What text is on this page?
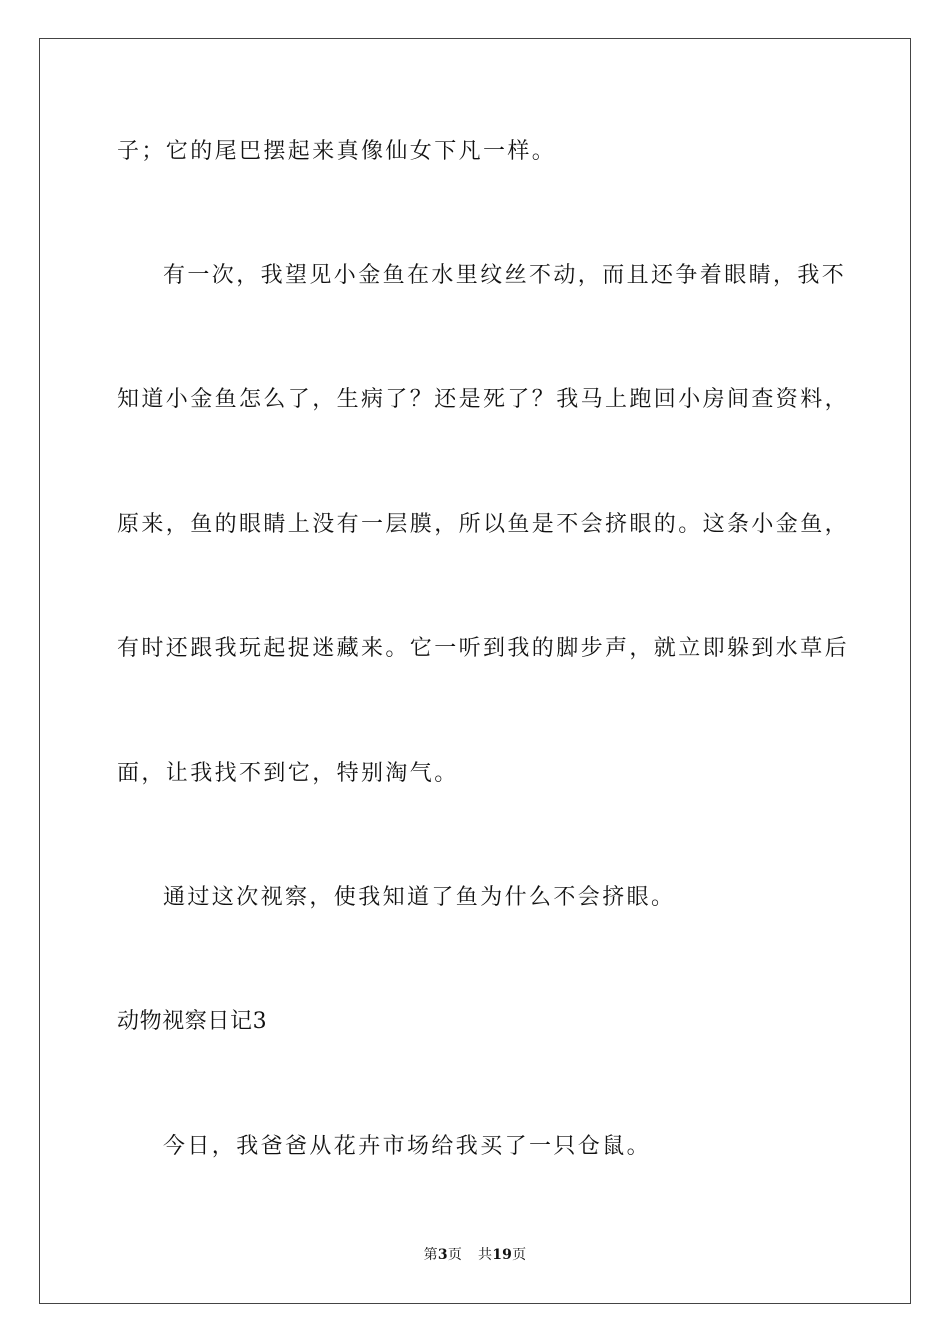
子；它的尾巴摆起来真像仙女下凡一样。

有一次，我望见小金鱼在水里纹丝不动，而且还争着眼睛，我不

知道小金鱼怎么了，生病了？还是死了？我马上跑回小房间查资料，

原来，鱼的眼睛上没有一层膜，所以鱼是不会挤眼的。这条小金鱼，

有时还跟我玩起捉迷藏来。它一听到我的脚步声，就立即躲到水草后

面，让我找不到它，特别淘气。

通过这次视察，使我知道了鱼为什么不会挤眼。

动物视察日记3

今日，我爸爸从花卉市场给我买了一只仓鼠。

第3页 共19页
